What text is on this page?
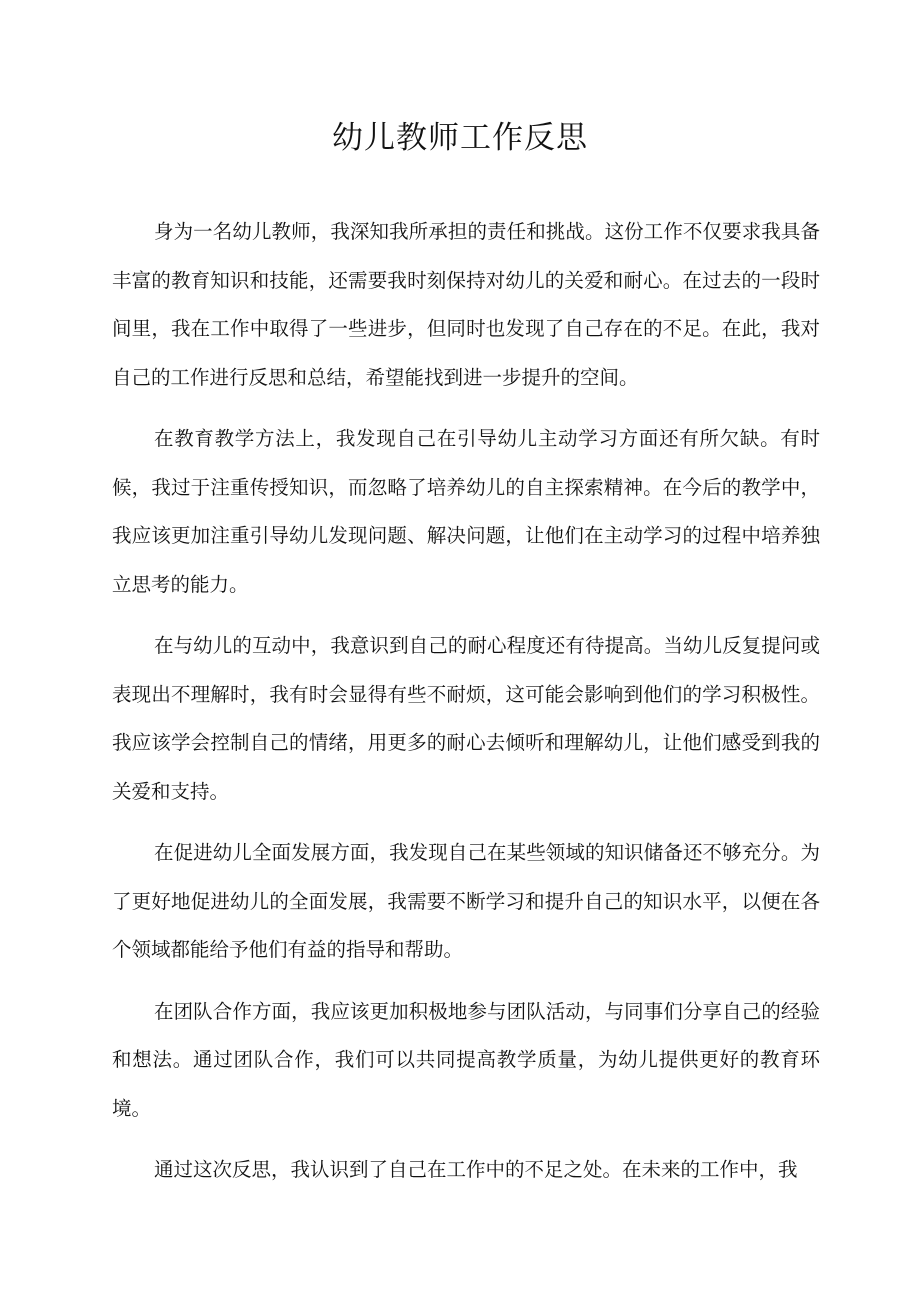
幼儿教师工作反思

身为一名幼儿教师，我深知我所承担的责任和挑战。这份工作不仅要求我具备丰富的教育知识和技能，还需要我时刻保持对幼儿的关爱和耐心。在过去的一段时间里，我在工作中取得了一些进步，但同时也发现了自己存在的不足。在此，我对自己的工作进行反思和总结，希望能找到进一步提升的空间。

在教育教学方法上，我发现自己在引导幼儿主动学习方面还有所欠缺。有时候，我过于注重传授知识，而忽略了培养幼儿的自主探索精神。在今后的教学中，我应该更加注重引导幼儿发现问题、解决问题，让他们在主动学习的过程中培养独立思考的能力。

在与幼儿的互动中，我意识到自己的耐心程度还有待提高。当幼儿反复提问或表现出不理解时，我有时会显得有些不耐烦，这可能会影响到他们的学习积极性。我应该学会控制自己的情绪，用更多的耐心去倾听和理解幼儿，让他们感受到我的关爱和支持。

在促进幼儿全面发展方面，我发现自己在某些领域的知识储备还不够充分。为了更好地促进幼儿的全面发展，我需要不断学习和提升自己的知识水平，以便在各个领域都能给予他们有益的指导和帮助。

在团队合作方面，我应该更加积极地参与团队活动，与同事们分享自己的经验和想法。通过团队合作，我们可以共同提高教学质量，为幼儿提供更好的教育环境。

通过这次反思，我认识到了自己在工作中的不足之处。在未来的工作中，我
